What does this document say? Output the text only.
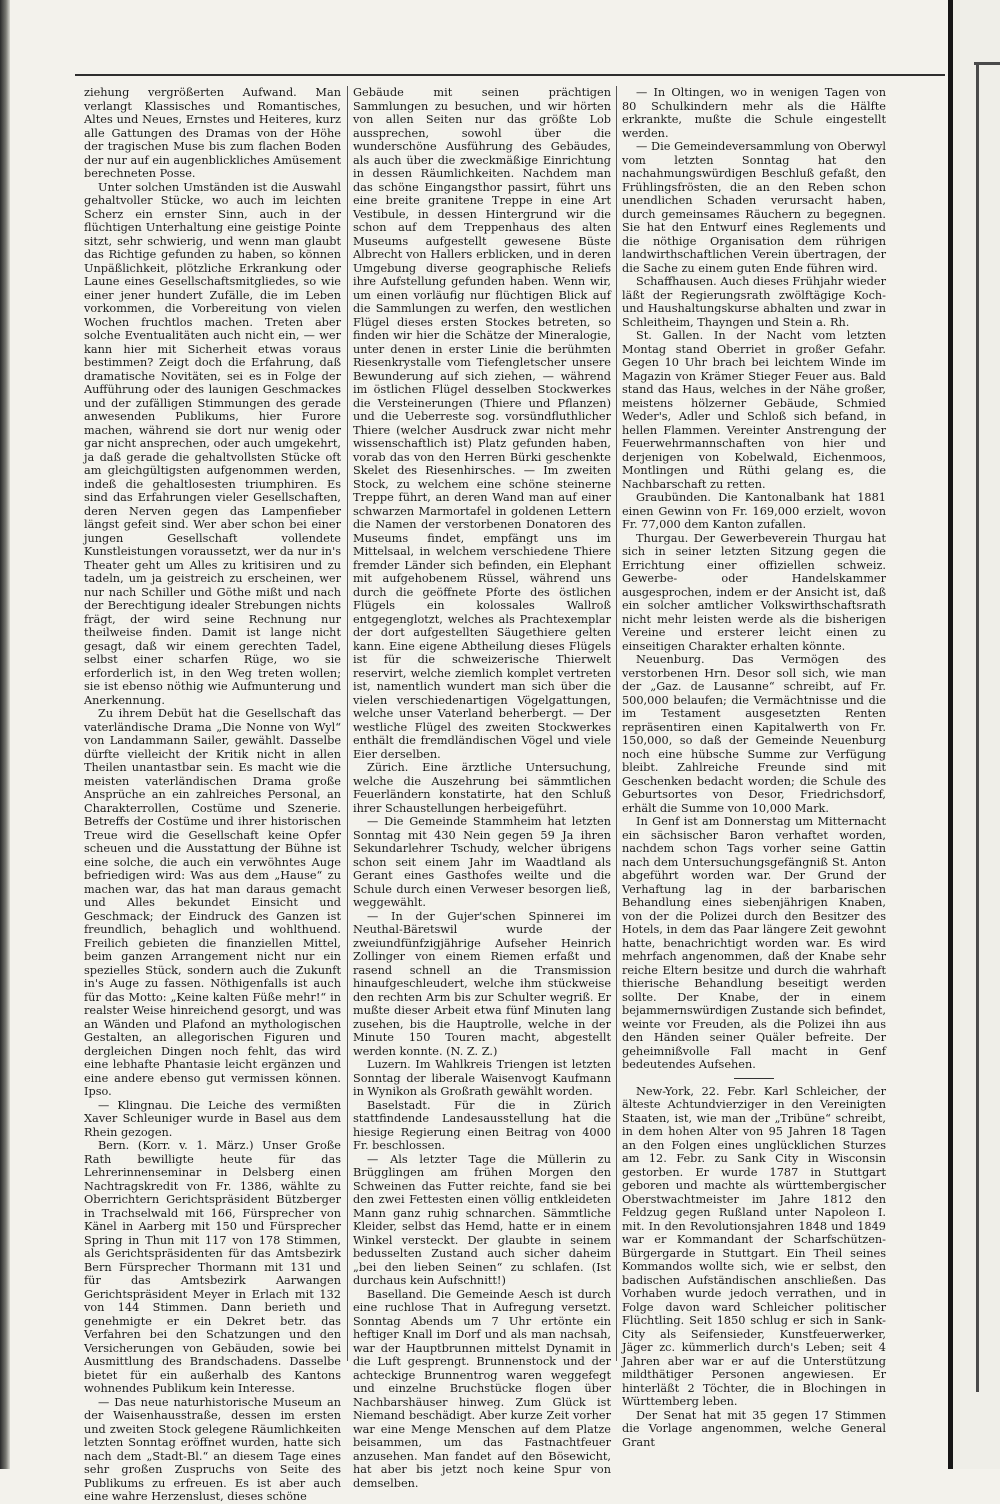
ziehung vergrößerten Aufwand. Man verlangt Klassisches und Romantisches, Altes und Neues, Ernstes und Heiteres, kurz alle Gattungen des Dramas von der Höhe der tragischen Muse bis zum flachen Boden der nur auf ein augenblickliches Amüsement berechneten Posse.

Unter solchen Umständen ist die Auswahl gehaltvoller Stücke, wo auch im leichten Scherz ein ernster Sinn, auch in der flüchtigen Unterhaltung eine geistige Pointe sitzt, sehr schwierig, und wenn man glaubt das Richtige gefunden zu haben, so können Unpäßlichkeit, plötzliche Erkrankung oder Laune eines Gesellschaftsmitgliedes, so wie einer jener hundert Zufälle, die im Leben vorkommen, die Vorbereitung von vielen Wochen fruchtlos machen. Treten aber solche Eventualitäten auch nicht ein, — wer kann hier mit Sicherheit etwas voraus bestimmen? Zeigt doch die Erfahrung, daß dramatische Novitäten, sei es in Folge der Aufführung oder des launigen Geschmackes und der zufälligen Stimmungen des gerade anwesenden Publikums, hier Furore machen, während sie dort nur wenig oder gar nicht ansprechen, oder auch umgekehrt, ja daß gerade die gehaltvollsten Stücke oft am gleichgültigsten aufgenommen werden, indeß die gehaltlosesten triumphiren. Es sind das Erfahrungen vieler Gesellschaften, deren Nerven gegen das Lampenfieber längst gefeit sind. Wer aber schon bei einer jungen Gesellschaft vollendete Kunstleistungen voraussetzt, wer da nur in's Theater geht um Alles zu kritisiren und zu tadeln, um ja geistreich zu erscheinen, wer nur nach Schiller und Göthe mißt und nach der Berechtigung idealer Strebungen nichts frägt, der wird seine Rechnung nur theilweise finden. Damit ist lange nicht gesagt, daß wir einem gerechten Tadel, selbst einer scharfen Rüge, wo sie erforderlich ist, in den Weg treten wollen; sie ist ebenso nöthig wie Aufmunterung und Anerkennung.

Zu ihrem Debüt hat die Gesellschaft das vaterländische Drama „Die Nonne von Wyl“ von Landammann Sailer, gewählt. Dasselbe dürfte vielleicht der Kritik nicht in allen Theilen unantastbar sein. Es macht wie die meisten vaterländischen Drama große Ansprüche an ein zahlreiches Personal, an Charakterrollen, Costüme und Szenerie. Betreffs der Costüme und ihrer historischen Treue wird die Gesellschaft keine Opfer scheuen und die Ausstattung der Bühne ist eine solche, die auch ein verwöhntes Auge befriedigen wird: Was aus dem „Hause“ zu machen war, das hat man daraus gemacht und Alles bekundet Einsicht und Geschmack; der Eindruck des Ganzen ist freundlich, behaglich und wohlthuend. Freilich gebieten die finanziellen Mittel, beim ganzen Arrangement nicht nur ein spezielles Stück, sondern auch die Zukunft in's Auge zu fassen. Nöthigenfalls ist auch für das Motto: „Keine kalten Füße mehr!“ in realster Weise hinreichend gesorgt, und was an Wänden und Plafond an mythologischen Gestalten, an allegorischen Figuren und dergleichen Dingen noch fehlt, das wird eine lebhafte Phantasie leicht ergänzen und eine andere ebenso gut vermissen können. Ipso.

— Klingnau. Die Leiche des vermißten Xaver Schleuniger wurde in Basel aus dem Rhein gezogen.

Bern. (Korr. v. 1. März.) Unser Große Rath bewilligte heute für das Lehrerinnenseminar in Delsberg einen Nachtragskredit von Fr. 1386, wählte zu Oberrichtern Gerichtspräsident Bützberger in Trachselwald mit 166, Fürsprecher von Känel in Aarberg mit 150 und Fürsprecher Spring in Thun mit 117 von 178 Stimmen, als Gerichtspräsidenten für das Amtsbezirk Bern Fürsprecher Thormann mit 131 und für das Amtsbezirk Aarwangen Gerichtspräsident Meyer in Erlach mit 132 von 144 Stimmen. Dann berieth und genehmigte er ein Dekret betr. das Verfahren bei den Schatzungen und den Versicherungen von Gebäuden, sowie bei Ausmittlung des Brandschadens. Dasselbe bietet für ein außerhalb des Kantons wohnendes Publikum kein Interesse.

— Das neue naturhistorische Museum an der Waisenhausstraße, dessen im ersten und zweiten Stock gelegene Räumlichkeiten letzten Sonntag eröffnet wurden, hatte sich nach dem „Stadt-Bl.“ an diesem Tage eines sehr großen Zuspruchs von Seite des Publikums zu erfreuen. Es ist aber auch eine wahre Herzenslust, dieses schöne

Gebäude mit seinen prächtigen Sammlungen zu besuchen, und wir hörten von allen Seiten nur das größte Lob aussprechen, sowohl über die wunderschöne Ausführung des Gebäudes, als auch über die zweckmäßige Einrichtung in dessen Räumlichkeiten. Nachdem man das schöne Eingangsthor passirt, führt uns eine breite granitene Treppe in eine Art Vestibule, in dessen Hintergrund wir die schon auf dem Treppenhaus des alten Museums aufgestellt gewesene Büste Albrecht von Hallers erblicken, und in deren Umgebung diverse geographische Reliefs ihre Aufstellung gefunden haben. Wenn wir, um einen vorläufig nur flüchtigen Blick auf die Sammlungen zu werfen, den westlichen Flügel dieses ersten Stockes betreten, so finden wir hier die Schätze der Mineralogie, unter denen in erster Linie die berühmten Riesenkrystalle vom Tiefengletscher unsere Bewunderung auf sich ziehen, — während im östlichen Flügel desselben Stockwerkes die Versteinerungen (Thiere und Pflanzen) und die Ueberreste sog. vorsündfluthlicher Thiere (welcher Ausdruck zwar nicht mehr wissenschaftlich ist) Platz gefunden haben, vorab das von den Herren Bürki geschenkte Skelet des Riesenhirsches. — Im zweiten Stock, zu welchem eine schöne steinerne Treppe führt, an deren Wand man auf einer schwarzen Marmortafel in goldenen Lettern die Namen der verstorbenen Donatoren des Museums findet, empfängt uns im Mittelsaal, in welchem verschiedene Thiere fremder Länder sich befinden, ein Elephant mit aufgehobenem Rüssel, während uns durch die geöffnete Pforte des östlichen Flügels ein kolossales Wallroß entgegenglotzt, welches als Prachtexemplar der dort aufgestellten Säugethiere gelten kann. Eine eigene Abtheilung dieses Flügels ist für die schweizerische Thierwelt reservirt, welche ziemlich komplet vertreten ist, namentlich wundert man sich über die vielen verschiedenartigen Vögelgattungen, welche unser Vaterland beherbergt. — Der westliche Flügel des zweiten Stockwerkes enthält die fremdländischen Vögel und viele Eier derselben.

Zürich. Eine ärztliche Untersuchung, welche die Auszehrung bei sämmtlichen Feuerländern konstatirte, hat den Schluß ihrer Schaustellungen herbeigeführt.

— Die Gemeinde Stammheim hat letzten Sonntag mit 430 Nein gegen 59 Ja ihren Sekundarlehrer Tschudy, welcher übrigens schon seit einem Jahr im Waadtland als Gerant eines Gasthofes weilte und die Schule durch einen Verweser besorgen ließ, weggewählt.

— In der Gujer'schen Spinnerei im Neuthal-Bäretswil wurde der zweiundfünfzigjährige Aufseher Heinrich Zollinger von einem Riemen erfaßt und rasend schnell an die Transmission hinaufgeschleudert, welche ihm stückweise den rechten Arm bis zur Schulter wegriß. Er mußte dieser Arbeit etwa fünf Minuten lang zusehen, bis die Hauptrolle, welche in der Minute 150 Touren macht, abgestellt werden konnte. (N. Z. Z.)

Luzern. Im Wahlkreis Triengen ist letzten Sonntag der liberale Waisenvogt Kaufmann in Wynikon als Großrath gewählt worden.

Baselstadt. Für die in Zürich stattfindende Landesausstellung hat die hiesige Regierung einen Beitrag von 4000 Fr. beschlossen.

— Als letzter Tage die Müllerin zu Brügglingen am frühen Morgen den Schweinen das Futter reichte, fand sie bei den zwei Fettesten einen völlig entkleideten Mann ganz ruhig schnarchen. Sämmtliche Kleider, selbst das Hemd, hatte er in einem Winkel versteckt. Der glaubte in seinem bedusselten Zustand auch sicher daheim „bei den lieben Seinen“ zu schlafen. (Ist durchaus kein Aufschnitt!)

Baselland. Die Gemeinde Aesch ist durch eine ruchlose That in Aufregung versetzt. Sonntag Abends um 7 Uhr ertönte ein heftiger Knall im Dorf und als man nachsah, war der Hauptbrunnen mittelst Dynamit in die Luft gesprengt. Brunnenstock und der achteckige Brunnentrog waren weggefegt und einzelne Bruchstücke flogen über Nachbarshäuser hinweg. Zum Glück ist Niemand beschädigt. Aber kurze Zeit vorher war eine Menge Menschen auf dem Platze beisammen, um das Fastnachtfeuer anzusehen. Man fandet auf den Bösewicht, hat aber bis jetzt noch keine Spur von demselben.

— In Oltingen, wo in wenigen Tagen von 80 Schulkindern mehr als die Hälfte erkrankte, mußte die Schule eingestellt werden.

— Die Gemeindeversammlung von Oberwyl vom letzten Sonntag hat den nachahmungswürdigen Beschluß gefaßt, den Frühlingsfrösten, die an den Reben schon unendlichen Schaden verursacht haben, durch gemeinsames Räuchern zu begegnen. Sie hat den Entwurf eines Reglements und die nöthige Organisation dem rührigen landwirthschaftlichen Verein übertragen, der die Sache zu einem guten Ende führen wird.

Schaffhausen. Auch dieses Frühjahr wieder läßt der Regierungsrath zwölftägige Koch- und Haushaltungskurse abhalten und zwar in Schleitheim, Thayngen und Stein a. Rh.

St. Gallen. In der Nacht vom letzten Montag stand Oberriet in großer Gefahr. Gegen 10 Uhr brach bei leichtem Winde im Magazin von Krämer Stieger Feuer aus. Bald stand das Haus, welches in der Nähe großer, meistens hölzerner Gebäude, Schmied Weder's, Adler und Schloß sich befand, in hellen Flammen. Vereinter Anstrengung der Feuerwehrmannschaften von hier und derjenigen von Kobelwald, Eichenmoos, Montlingen und Rüthi gelang es, die Nachbarschaft zu retten.

Graubünden. Die Kantonalbank hat 1881 einen Gewinn von Fr. 169,000 erzielt, wovon Fr. 77,000 dem Kanton zufallen.

Thurgau. Der Gewerbeverein Thurgau hat sich in seiner letzten Sitzung gegen die Errichtung einer offiziellen schweiz. Gewerbe- oder Handelskammer ausgesprochen, indem er der Ansicht ist, daß ein solcher amtlicher Volkswirthschaftsrath nicht mehr leisten werde als die bisherigen Vereine und ersterer leicht einen zu einseitigen Charakter erhalten könnte.

Neuenburg. Das Vermögen des verstorbenen Hrn. Desor soll sich, wie man der „Gaz. de Lausanne“ schreibt, auf Fr. 500,000 belaufen; die Vermächtnisse und die im Testament ausgesetzten Renten repräsentiren einen Kapitalwerth von Fr. 150,000, so daß der Gemeinde Neuenburg noch eine hübsche Summe zur Verfügung bleibt. Zahlreiche Freunde sind mit Geschenken bedacht worden; die Schule des Geburtsortes von Desor, Friedrichsdorf, erhält die Summe von 10,000 Mark.

In Genf ist am Donnerstag um Mitternacht ein sächsischer Baron verhaftet worden, nachdem schon Tags vorher seine Gattin nach dem Untersuchungsgefängniß St. Anton abgeführt worden war. Der Grund der Verhaftung lag in der barbarischen Behandlung eines siebenjährigen Knaben, von der die Polizei durch den Besitzer des Hotels, in dem das Paar längere Zeit gewohnt hatte, benachrichtigt worden war. Es wird mehrfach angenommen, daß der Knabe sehr reiche Eltern besitze und durch die wahrhaft thierische Behandlung beseitigt werden sollte. Der Knabe, der in einem bejammernswürdigen Zustande sich befindet, weinte vor Freuden, als die Polizei ihn aus den Händen seiner Quäler befreite. Der geheimnißvolle Fall macht in Genf bedeutendes Aufsehen.

New-York, 22. Febr. Karl Schleicher, der älteste Achtundvierziger in den Vereinigten Staaten, ist, wie man der „Tribüne“ schreibt, in dem hohen Alter von 95 Jahren 18 Tagen an den Folgen eines unglücklichen Sturzes am 12. Febr. zu Sank City in Wisconsin gestorben. Er wurde 1787 in Stuttgart geboren und machte als württembergischer Oberstwachtmeister im Jahre 1812 den Feldzug gegen Rußland unter Napoleon I. mit. In den Revolutionsjahren 1848 und 1849 war er Kommandant der Scharfschützen-Bürgergarde in Stuttgart. Ein Theil seines Kommandos wollte sich, wie er selbst, den badischen Aufständischen anschließen. Das Vorhaben wurde jedoch verrathen, und in Folge davon ward Schleicher politischer Flüchtling. Seit 1850 schlug er sich in Sank-City als Seifensieder, Kunstfeuerwerker, Jäger zc. kümmerlich durch's Leben; seit 4 Jahren aber war er auf die Unterstützung mildthätiger Personen angewiesen. Er hinterläßt 2 Töchter, die in Blochingen in Württemberg leben.

Der Senat hat mit 35 gegen 17 Stimmen die Vorlage angenommen, welche General Grant
